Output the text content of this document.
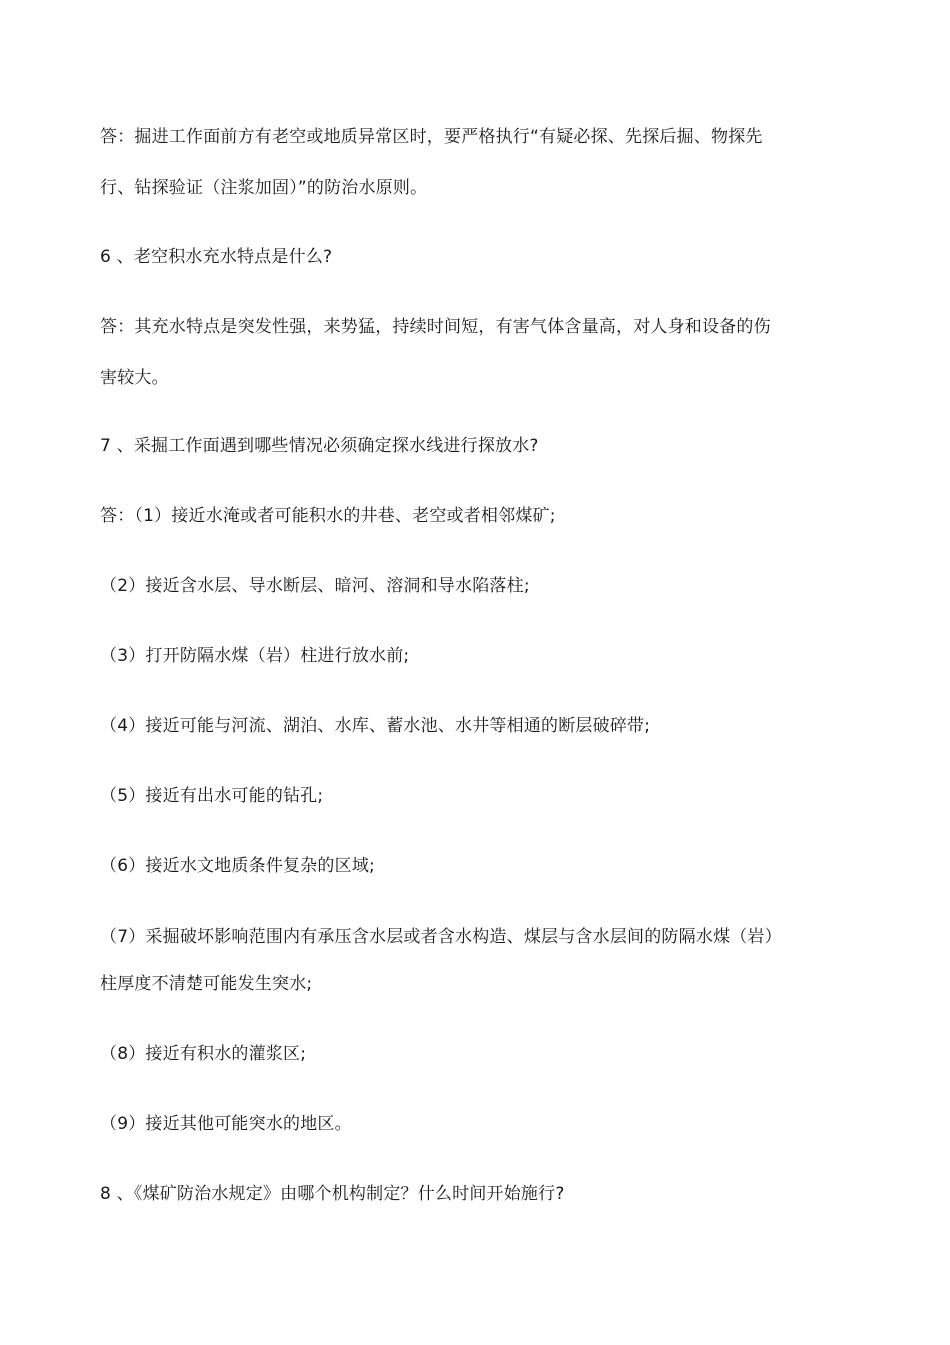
答：掘进工作面前方有老空或地质异常区时，要严格执行“有疑必探、先探后掘、物探先
行、钻探验证（注浆加固）”的防治水原则。
6 、老空积水充水特点是什么?
答：其充水特点是突发性强，来势猛，持续时间短，有害气体含量高，对人身和设备的伤
害较大。
7 、采掘工作面遇到哪些情况必须确定探水线进行探放水?
答：（1）接近水淹或者可能积水的井巷、老空或者相邻煤矿;
（2）接近含水层、导水断层、暗河、溶洞和导水陷落柱;
（3）打开防隔水煤（岩）柱进行放水前;
（4）接近可能与河流、湖泊、水库、蓄水池、水井等相通的断层破碎带;
（5）接近有出水可能的钻孔;
（6）接近水文地质条件复杂的区域;
（7）采掘破坏影响范围内有承压含水层或者含水构造、煤层与含水层间的防隔水煤（岩）
柱厚度不清楚可能发生突水;
（8）接近有积水的灌浆区;
（9）接近其他可能突水的地区。
8 、《煤矿防治水规定》由哪个机构制定？什么时间开始施行?
